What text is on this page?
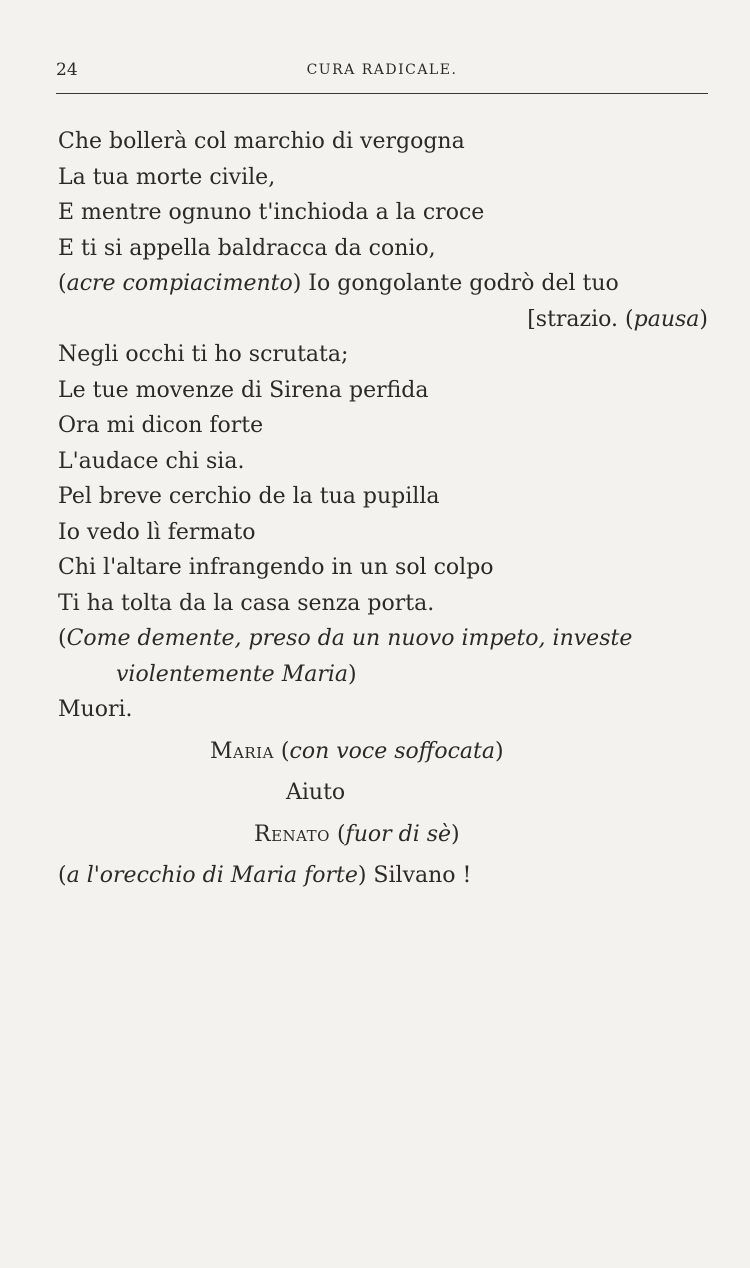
24	CURA RADICALE.
Che bollerà col marchio di vergogna
La tua morte civile,
E mentre ognuno t'inchioda a la croce
E ti si appella baldracca da conio,
(acre compiacimento) Io gongolante godrò del tuo
[strazio. (pausa)
Negli occhi ti ho scrutata;
Le tue movenze di Sirena perfida
Ora mi dicon forte
L'audace chi sia.
Pel breve cerchio de la tua pupilla
Io vedo lì fermato
Chi l'altare infrangendo in un sol colpo
Ti ha tolta da la casa senza porta.
(Come demente, preso da un nuovo impeto, investe
violentemente Maria)
Muori.
Maria (con voce soffocata)
Aiuto
Renato (fuor di sè)
(a l'orecchio di Maria forte) Silvano !
